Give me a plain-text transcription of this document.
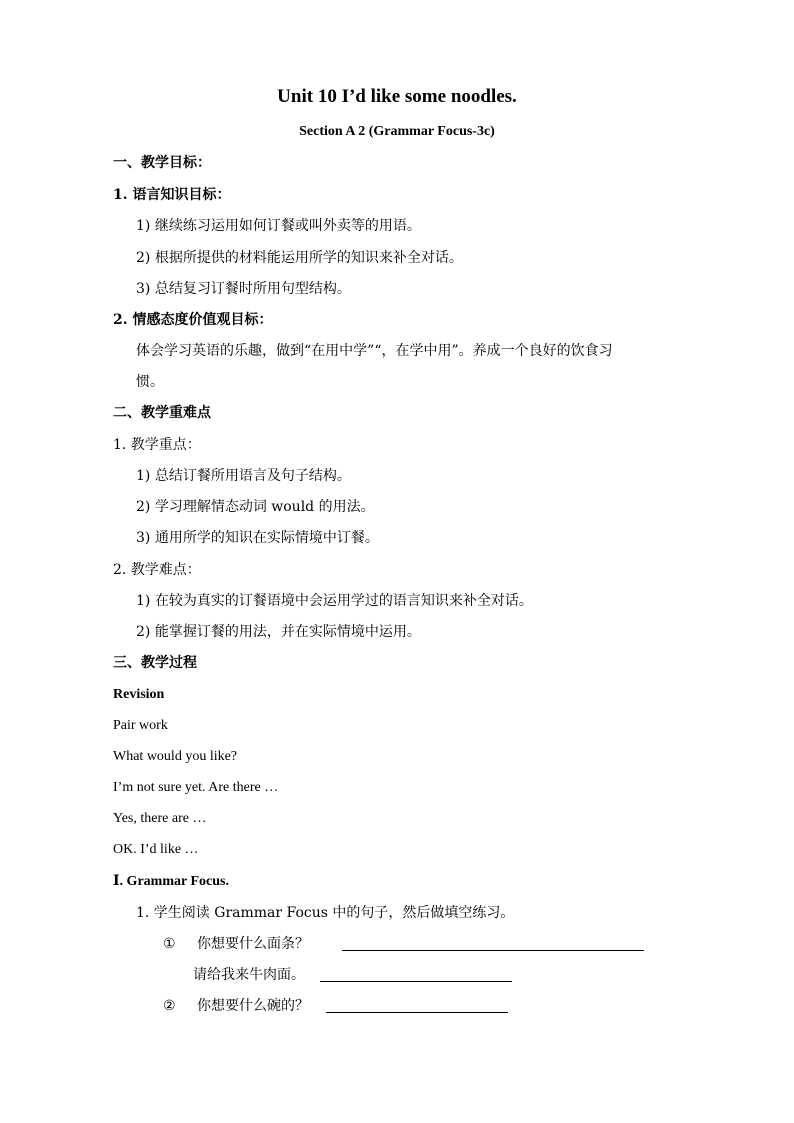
Unit 10 I’d like some noodles.
Section A 2 (Grammar Focus-3c)
一、教学目标：
1. 语言知识目标：
1) 继续练习运用如何订餐或叫外卖等的用语。
2) 根据所提供的材料能运用所学的知识来补全对话。
3) 总结复习订餐时所用句型结构。
2. 情感态度价值观目标：
体会学习英语的乐趣，做到“在用中学”“，在学中用”。养成一个良好的饮食习
惯。
二、教学重难点
1. 教学重点：
1) 总结订餐所用语言及句子结构。
2) 学习理解情态动词 would 的用法。
3) 通用所学的知识在实际情境中订餐。
2. 教学难点：
1) 在较为真实的订餐语境中会运用学过的语言知识来补全对话。
2) 能掌握订餐的用法，并在实际情境中运用。
三、教学过程
Revision
Pair work
What would you like?
I’m not sure yet. Are there …
Yes, there are …
OK. I’d like …
Ⅰ. Grammar Focus.
1. 学生阅读 Grammar Focus 中的句子，然后做填空练习。
① 你想要什么面条？
请给我来牛肉面。
② 你想要什么碗的？
